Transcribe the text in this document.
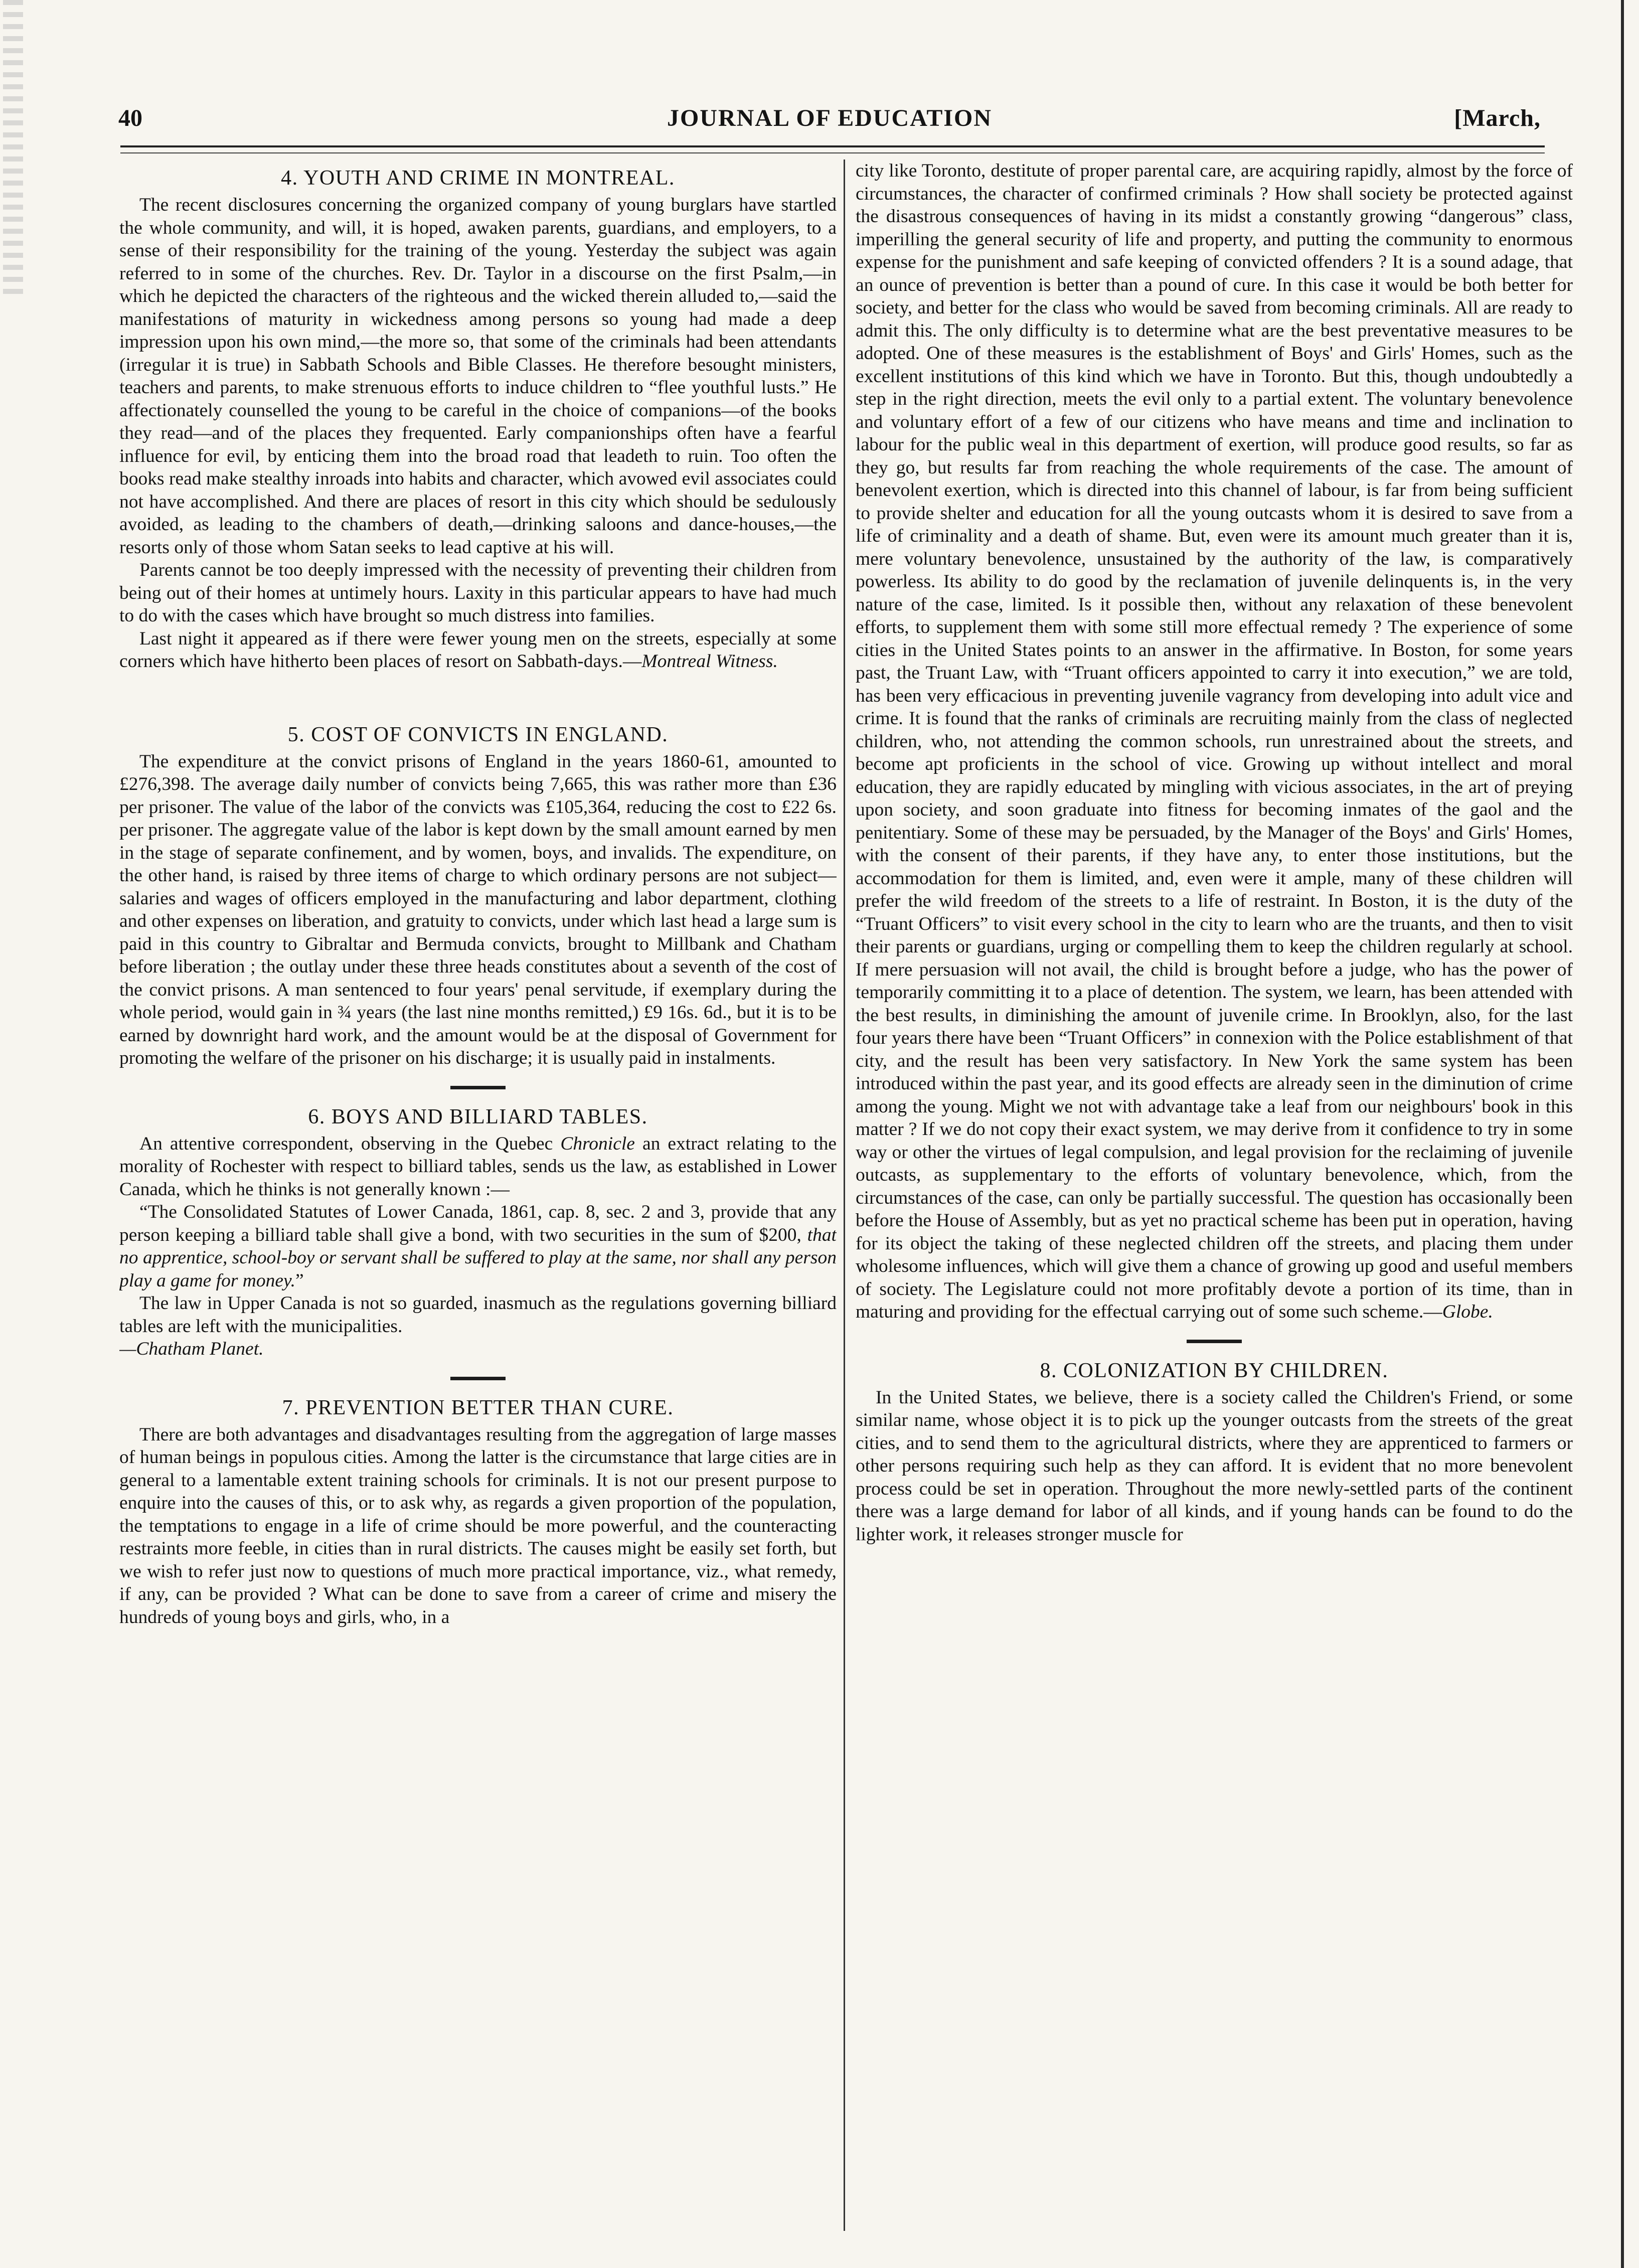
40	JOURNAL OF EDUCATION	[March,
4. YOUTH AND CRIME IN MONTREAL.

The recent disclosures concerning the organized company of young burglars have startled the whole community, and will, it is hoped, awaken parents, guardians, and employers, to a sense of their responsibility for the training of the young. Yesterday the subject was again referred to in some of the churches. Rev. Dr. Taylor in a discourse on the first Psalm,—in which he depicted the characters of the righteous and the wicked therein alluded to,—said the manifestations of maturity in wickedness among persons so young had made a deep impression upon his own mind,—the more so, that some of the criminals had been attendants (irregular it is true) in Sabbath Schools and Bible Classes. He therefore besought ministers, teachers and parents, to make strenuous efforts to induce children to “flee youthful lusts.” He affectionately counselled the young to be careful in the choice of companions—of the books they read—and of the places they frequented. Early companionships often have a fearful influence for evil, by enticing them into the broad road that leadeth to ruin. Too often the books read make stealthy inroads into habits and character, which avowed evil associates could not have accomplished. And there are places of resort in this city which should be sedulously avoided, as leading to the chambers of death,—drinking saloons and dance-houses,—the resorts only of those whom Satan seeks to lead captive at his will.

Parents cannot be too deeply impressed with the necessity of preventing their children from being out of their homes at untimely hours. Laxity in this particular appears to have had much to do with the cases which have brought so much distress into families.

Last night it appeared as if there were fewer young men on the streets, especially at some corners which have hitherto been places of resort on Sabbath-days.—Montreal Witness.

5. COST OF CONVICTS IN ENGLAND.

The expenditure at the convict prisons of England in the years 1860-61, amounted to £276,398. The average daily number of convicts being 7,665, this was rather more than £36 per prisoner. The value of the labor of the convicts was £105,364, reducing the cost to £22 6s. per prisoner. The aggregate value of the labor is kept down by the small amount earned by men in the stage of separate confinement, and by women, boys, and invalids. The expenditure, on the other hand, is raised by three items of charge to which ordinary persons are not subject—salaries and wages of officers employed in the manufacturing and labor department, clothing and other expenses on liberation, and gratuity to convicts, under which last head a large sum is paid in this country to Gibraltar and Bermuda convicts, brought to Millbank and Chatham before liberation ; the outlay under these three heads constitutes about a seventh of the cost of the convict prisons. A man sentenced to four years' penal servitude, if exemplary during the whole period, would gain in ¾ years (the last nine months remitted,) £9 16s. 6d., but it is to be earned by downright hard work, and the amount would be at the disposal of Government for promoting the welfare of the prisoner on his discharge; it is usually paid in instalments.

6. BOYS AND BILLIARD TABLES.

An attentive correspondent, observing in the Quebec Chronicle an extract relating to the morality of Rochester with respect to billiard tables, sends us the law, as established in Lower Canada, which he thinks is not generally known :—

“The Consolidated Statutes of Lower Canada, 1861, cap. 8, sec. 2 and 3, provide that any person keeping a billiard table shall give a bond, with two securities in the sum of $200, that no apprentice, school-boy or servant shall be suffered to play at the same, nor shall any person play a game for money.”

The law in Upper Canada is not so guarded, inasmuch as the regulations governing billiard tables are left with the municipalities.

—Chatham Planet.

7. PREVENTION BETTER THAN CURE.

There are both advantages and disadvantages resulting from the aggregation of large masses of human beings in populous cities. Among the latter is the circumstance that large cities are in general to a lamentable extent training schools for criminals. It is not our present purpose to enquire into the causes of this, or to ask why, as regards a given proportion of the population, the temptations to engage in a life of crime should be more powerful, and the counteracting restraints more feeble, in cities than in rural districts. The causes might be easily set forth, but we wish to refer just now to questions of much more practical importance, viz., what remedy, if any, can be provided ? What can be done to save from a career of crime and misery the hundreds of young boys and girls, who, in a

city like Toronto, destitute of proper parental care, are acquiring rapidly, almost by the force of circumstances, the character of confirmed criminals ? How shall society be protected against the disastrous consequences of having in its midst a constantly growing “dangerous” class, imperilling the general security of life and property, and putting the community to enormous expense for the punishment and safe keeping of convicted offenders ? It is a sound adage, that an ounce of prevention is better than a pound of cure. In this case it would be both better for society, and better for the class who would be saved from becoming criminals. All are ready to admit this. The only difficulty is to determine what are the best preventative measures to be adopted. One of these measures is the establishment of Boys' and Girls' Homes, such as the excellent institutions of this kind which we have in Toronto. But this, though undoubtedly a step in the right direction, meets the evil only to a partial extent. The voluntary benevolence and voluntary effort of a few of our citizens who have means and time and inclination to labour for the public weal in this department of exertion, will produce good results, so far as they go, but results far from reaching the whole requirements of the case. The amount of benevolent exertion, which is directed into this channel of labour, is far from being sufficient to provide shelter and education for all the young outcasts whom it is desired to save from a life of criminality and a death of shame. But, even were its amount much greater than it is, mere voluntary benevolence, unsustained by the authority of the law, is comparatively powerless. Its ability to do good by the reclamation of juvenile delinquents is, in the very nature of the case, limited. Is it possible then, without any relaxation of these benevolent efforts, to supplement them with some still more effectual remedy ? The experience of some cities in the United States points to an answer in the affirmative. In Boston, for some years past, the Truant Law, with “Truant officers appointed to carry it into execution,” we are told, has been very efficacious in preventing juvenile vagrancy from developing into adult vice and crime. It is found that the ranks of criminals are recruiting mainly from the class of neglected children, who, not attending the common schools, run unrestrained about the streets, and become apt proficients in the school of vice. Growing up without intellect and moral education, they are rapidly educated by mingling with vicious associates, in the art of preying upon society, and soon graduate into fitness for becoming inmates of the gaol and the penitentiary. Some of these may be persuaded, by the Manager of the Boys' and Girls' Homes, with the consent of their parents, if they have any, to enter those institutions, but the accommodation for them is limited, and, even were it ample, many of these children will prefer the wild freedom of the streets to a life of restraint. In Boston, it is the duty of the “Truant Officers” to visit every school in the city to learn who are the truants, and then to visit their parents or guardians, urging or compelling them to keep the children regularly at school. If mere persuasion will not avail, the child is brought before a judge, who has the power of temporarily committing it to a place of detention. The system, we learn, has been attended with the best results, in diminishing the amount of juvenile crime. In Brooklyn, also, for the last four years there have been “Truant Officers” in connexion with the Police establishment of that city, and the result has been very satisfactory. In New York the same system has been introduced within the past year, and its good effects are already seen in the diminution of crime among the young. Might we not with advantage take a leaf from our neighbours' book in this matter ? If we do not copy their exact system, we may derive from it confidence to try in some way or other the virtues of legal compulsion, and legal provision for the reclaiming of juvenile outcasts, as supplementary to the efforts of voluntary benevolence, which, from the circumstances of the case, can only be partially successful. The question has occasionally been before the House of Assembly, but as yet no practical scheme has been put in operation, having for its object the taking of these neglected children off the streets, and placing them under wholesome influences, which will give them a chance of growing up good and useful members of society. The Legislature could not more profitably devote a portion of its time, than in maturing and providing for the effectual carrying out of some such scheme.—Globe.

8. COLONIZATION BY CHILDREN.

In the United States, we believe, there is a society called the Children's Friend, or some similar name, whose object it is to pick up the younger outcasts from the streets of the great cities, and to send them to the agricultural districts, where they are apprenticed to farmers or other persons requiring such help as they can afford. It is evident that no more benevolent process could be set in operation. Throughout the more newly-settled parts of the continent there was a large demand for labor of all kinds, and if young hands can be found to do the lighter work, it releases stronger muscle for
